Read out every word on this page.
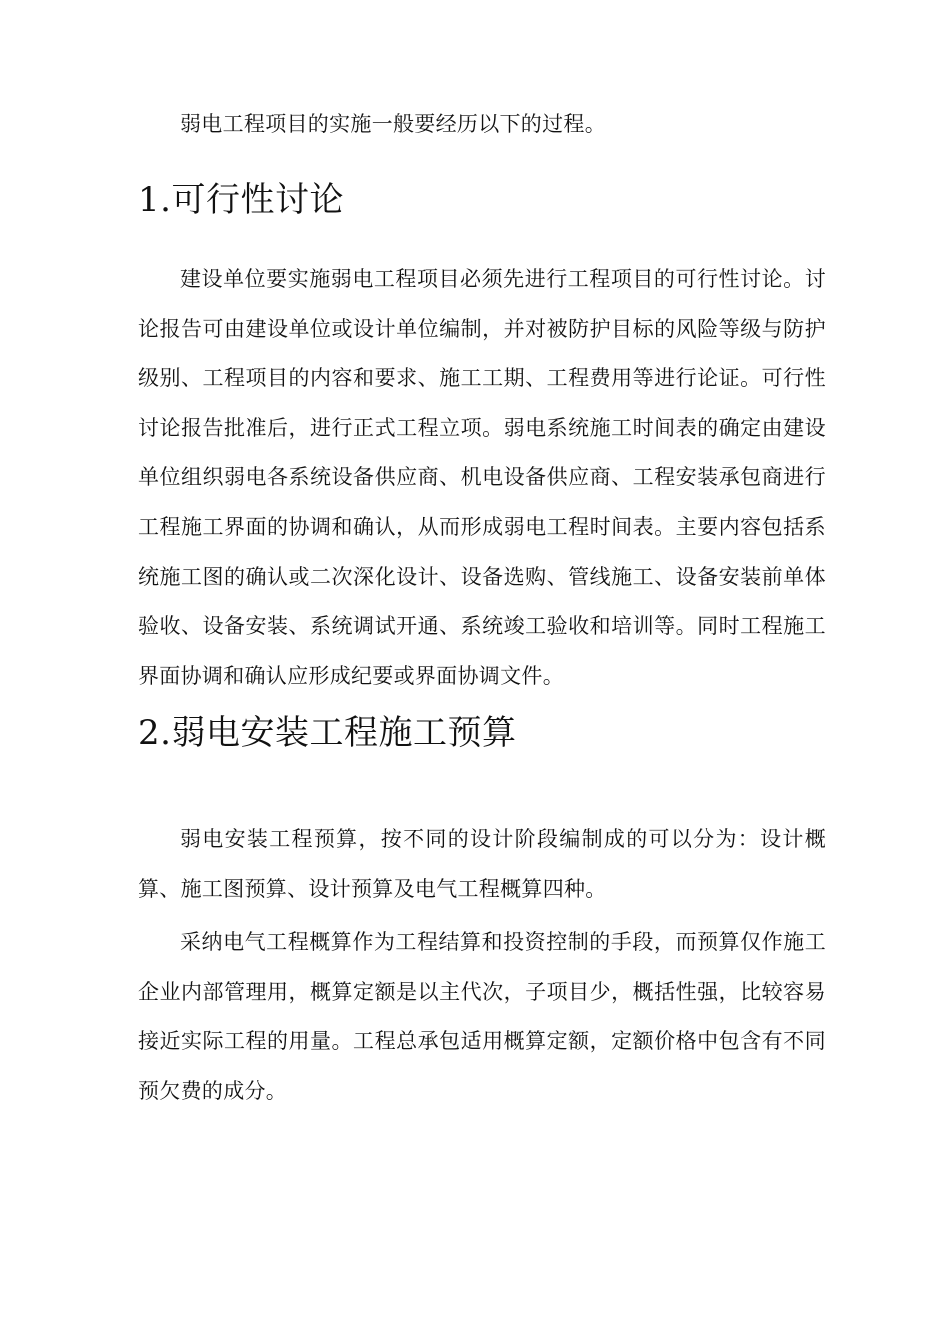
弱电工程项目的实施一般要经历以下的过程。

1.可行性讨论

建设单位要实施弱电工程项目必须先进行工程项目的可行性讨论。讨论报告可由建设单位或设计单位编制，并对被防护目标的风险等级与防护级别、工程项目的内容和要求、施工工期、工程费用等进行论证。可行性讨论报告批准后，进行正式工程立项。弱电系统施工时间表的确定由建设单位组织弱电各系统设备供应商、机电设备供应商、工程安装承包商进行工程施工界面的协调和确认，从而形成弱电工程时间表。主要内容包括系统施工图的确认或二次深化设计、设备选购、管线施工、设备安装前单体验收、设备安装、系统调试开通、系统竣工验收和培训等。同时工程施工界面协调和确认应形成纪要或界面协调文件。

2.弱电安装工程施工预算

弱电安装工程预算，按不同的设计阶段编制成的可以分为：设计概算、施工图预算、设计预算及电气工程概算四种。

采纳电气工程概算作为工程结算和投资控制的手段，而预算仅作施工企业内部管理用，概算定额是以主代次，子项目少，概括性强，比较容易接近实际工程的用量。工程总承包适用概算定额，定额价格中包含有不同预欠费的成分。
